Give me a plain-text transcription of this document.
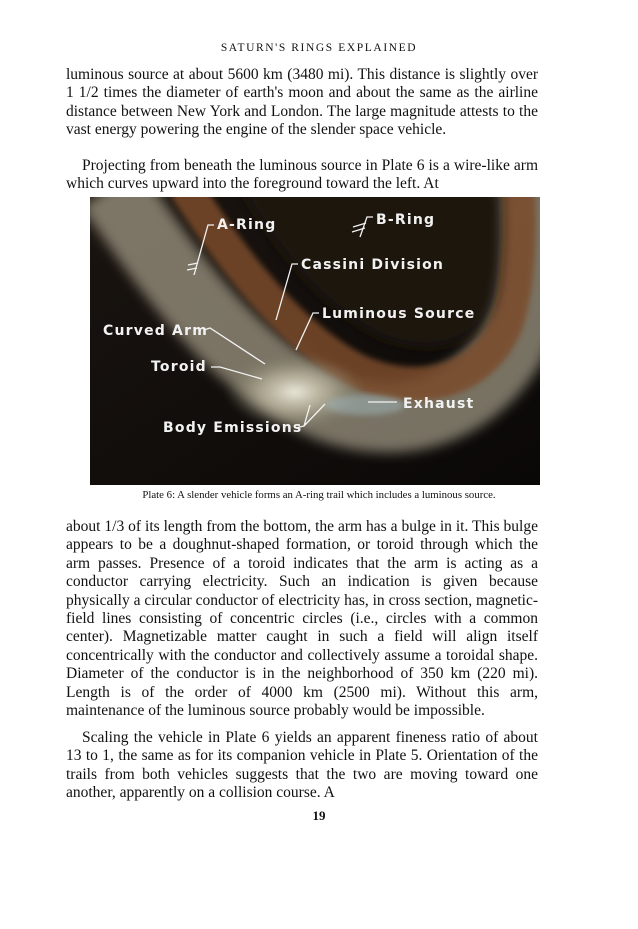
SATURN'S RINGS EXPLAINED

luminous source at about 5600 km (3480 mi). This distance is slightly over 1 1/2 times the diameter of earth's moon and about the same as the airline distance between New York and London. The large magnitude attests to the vast energy powering the engine of the slender space vehicle.

Projecting from beneath the luminous source in Plate 6 is a wire-like arm which curves upward into the foreground toward the left. At

A-Ring	B-Ring
Cassini Division
Luminous Source
Curved Arm
Toroid
Exhaust
Body Emissions
Plate 6: A slender vehicle forms an A-ring trail which includes a luminous source.

about 1/3 of its length from the bottom, the arm has a bulge in it. This bulge appears to be a doughnut-shaped formation, or toroid through which the arm passes. Presence of a toroid indicates that the arm is acting as a conductor carrying electricity. Such an indication is given because physically a circular conductor of electricity has, in cross section, magnetic-field lines consisting of concentric circles (i.e., circles with a common center). Magnetizable matter caught in such a field will align itself concentrically with the conductor and collectively assume a toroidal shape. Diameter of the conductor is in the neighborhood of 350 km (220 mi). Length is of the order of 4000 km (2500 mi). Without this arm, maintenance of the luminous source probably would be impossible.

Scaling the vehicle in Plate 6 yields an apparent fineness ratio of about 13 to 1, the same as for its companion vehicle in Plate 5. Orientation of the trails from both vehicles suggests that the two are moving toward one another, apparently on a collision course. A

19
